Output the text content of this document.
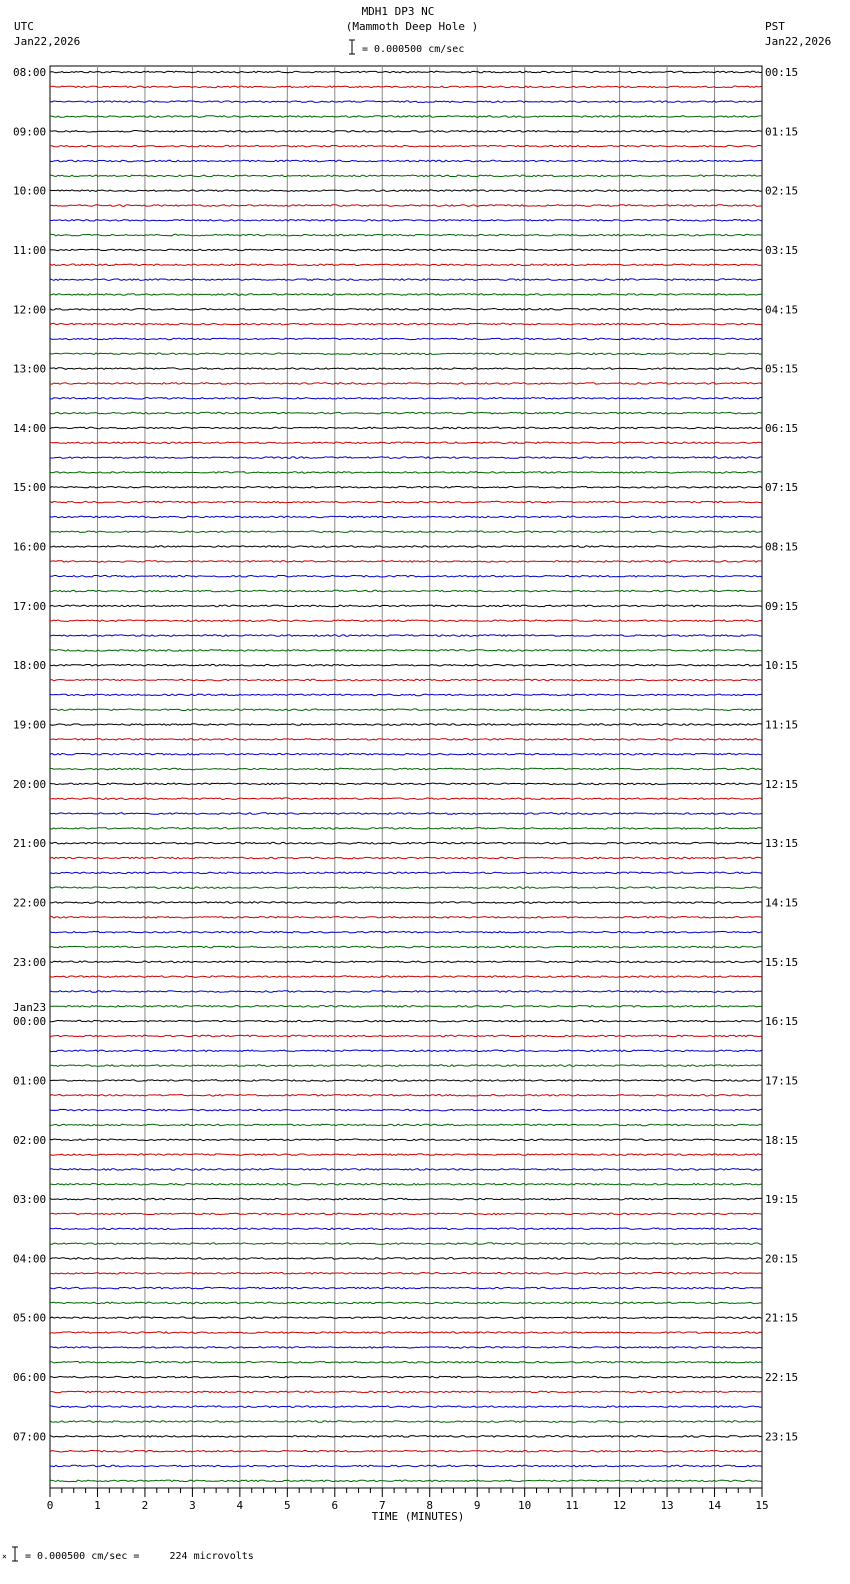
MDH1 DP3 NC
(Mammoth Deep Hole )
= 0.000500 cm/sec
UTC
Jan22,2026
PST
Jan22,2026
08:00
09:00
10:00
11:00
12:00
13:00
14:00
15:00
16:00
17:00
18:00
19:00
20:00
21:00
22:00
23:00
00:00
Jan23
01:00
02:00
03:00
04:00
05:00
06:00
07:00
00:15
01:15
02:15
03:15
04:15
05:15
06:15
07:15
08:15
09:15
10:15
11:15
12:15
13:15
14:15
15:15
16:15
17:15
18:15
19:15
20:15
21:15
22:15
23:15
0	1	2	3	4	5	6	7	8	9	10	11	12	13	14	15
TIME (MINUTES)
× = 0.000500 cm/sec =     224 microvolts
